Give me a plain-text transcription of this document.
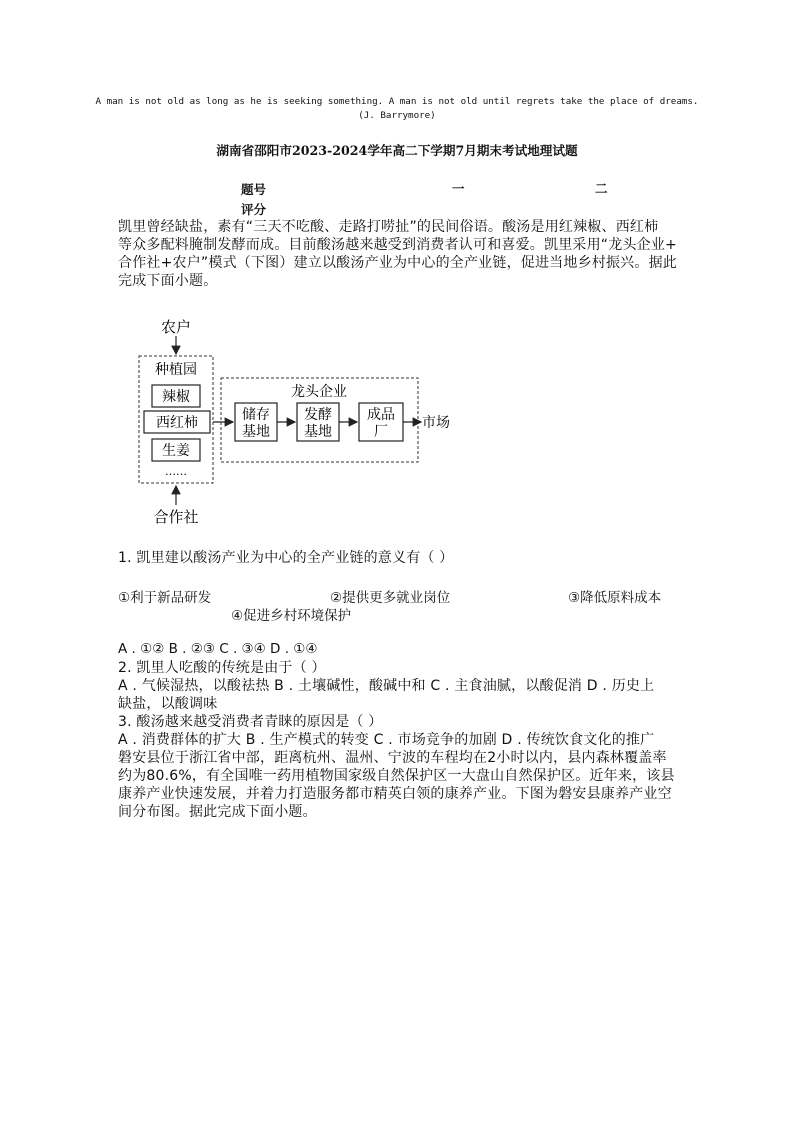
A man is not old as long as he is seeking something. A man is not old until regrets take the place of dreams.
(J. Barrymore)
湖南省邵阳市2023-2024学年高二下学期7月期末考试地理试题
题号	一	二
评分
凯里曾经缺盐，素有“三天不吃酸、走路打唠扯”的民间俗语。酸汤是用红辣椒、西红柿
等众多配料腌制发酵而成。目前酸汤越来越受到消费者认可和喜爱。凯里采用“龙头企业+
合作社+农户”模式（下图）建立以酸汤产业为中心的全产业链，促进当地乡村振兴。据此
完成下面小题。
农户
种植园
辣椒
西红柿
生姜
……
合作社
龙头企业
储存
基地
发酵
基地
成品
厂
市场
1. 凯里建以酸汤产业为中心的全产业链的意义有（ ）
①利于新品研发	②提供更多就业岗位	③降低原料成本
④促进乡村环境保护
A . ①② B . ②③ C . ③④ D . ①④
2. 凯里人吃酸的传统是由于（ ）
A . 气候湿热，以酸祛热 B . 土壤碱性，酸碱中和 C . 主食油腻，以酸促消 D . 历史上
缺盐，以酸调味
3. 酸汤越来越受消费者青睐的原因是（ ）
A . 消费群体的扩大 B . 生产模式的转变 C . 市场竞争的加剧 D . 传统饮食文化的推广
磐安县位于浙江省中部，距离杭州、温州、宁波的车程均在2小时以内，县内森林覆盖率
约为80.6%，有全国唯一药用植物国家级自然保护区一大盘山自然保护区。近年来，该县
康养产业快速发展，并着力打造服务都市精英白领的康养产业。下图为磐安县康养产业空
间分布图。据此完成下面小题。
